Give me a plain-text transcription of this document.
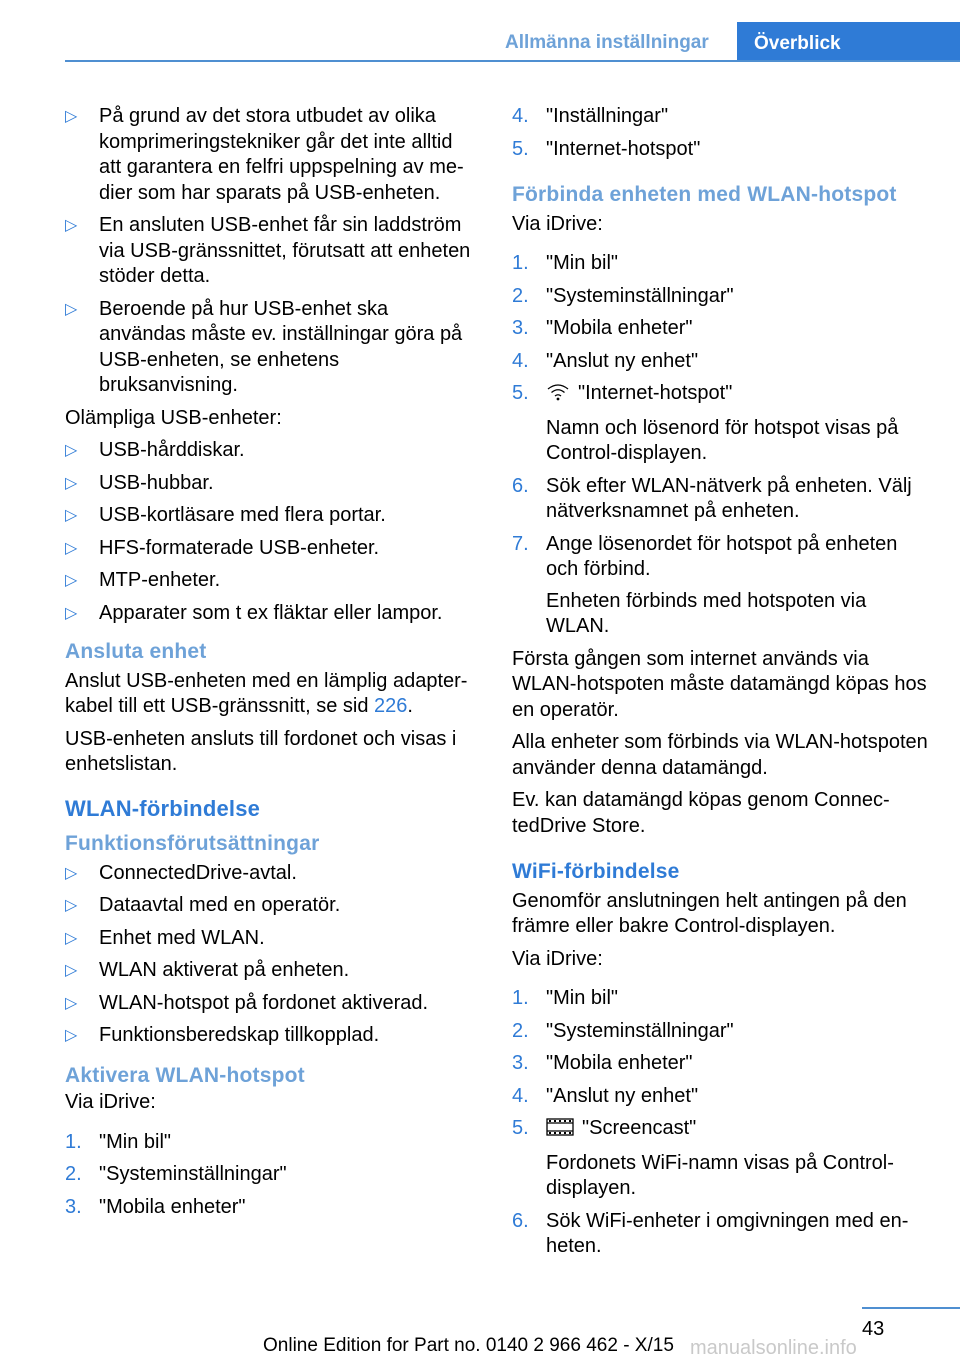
Allmänna inställningar	Överblick
▷	På grund av det stora utbudet av olika komprimeringstekniker går det inte alltid att garantera en felfri uppspelning av medier som har sparats på USB-enheten.
▷	En ansluten USB-enhet får sin laddström via USB-gränssnittet, förutsatt att enheten stöder detta.
▷	Beroende på hur USB-enhet ska användas måste ev. inställningar göra på USB-enheten, se enhetens bruksanvisning.

Olämpliga USB-enheter:

▷	USB-hårddiskar.
▷	USB-hubbar.
▷	USB-kortläsare med flera portar.
▷	HFS-formaterade USB-enheter.
▷	MTP-enheter.
▷	Apparater som t ex fläktar eller lampor.
Ansluta enhet

Anslut USB-enheten med en lämplig adapterkabel till ett USB-gränssnitt, se sid 226.

USB-enheten ansluts till fordonet och visas i enhetslistan.

WLAN-förbindelse
Funktionsförutsättningar
▷	ConnectedDrive-avtal.
▷	Dataavtal med en operatör.
▷	Enhet med WLAN.
▷	WLAN aktiverat på enheten.
▷	WLAN-hotspot på fordonet aktiverad.
▷	Funktionsberedskap tillkopplad.
Aktivera WLAN-hotspot

Via iDrive:

1. "Min bil"
2. "Systeminställningar"
3. "Mobila enheter"
4. "Inställningar"
5. "Internet-hotspot"
Förbinda enheten med WLAN-hotspot

Via iDrive:

1. "Min bil"
2. "Systeminställningar"
3. "Mobila enheter"
4. "Anslut ny enhet"
5.	"Internet-hotspot"
Namn och lösenord för hotspot visas på Control-displayen.
6. Sök efter WLAN-nätverk på enheten. Välj nätverksnamnet på enheten.
7. Ange lösenordet för hotspot på enheten och förbind.
Enheten förbinds med hotspoten via WLAN.

Första gången som internet används via WLAN-hotspoten måste datamängd köpas hos en operatör.

Alla enheter som förbinds via WLAN-hotspoten använder denna datamängd.

Ev. kan datamängd köpas genom ConnectedDrive Store.

WiFi-förbindelse

Genomför anslutningen helt antingen på den främre eller bakre Control-displayen.

Via iDrive:

1. "Min bil"
2. "Systeminställningar"
3. "Mobila enheter"
4. "Anslut ny enhet"
5.	"Screencast"
Fordonets WiFi-namn visas på Controldisplayen.
6. Sök WiFi-enheter i omgivningen med enheten.
43
Online Edition for Part no. 0140 2 966 462 - X/15 manualsonline.info
